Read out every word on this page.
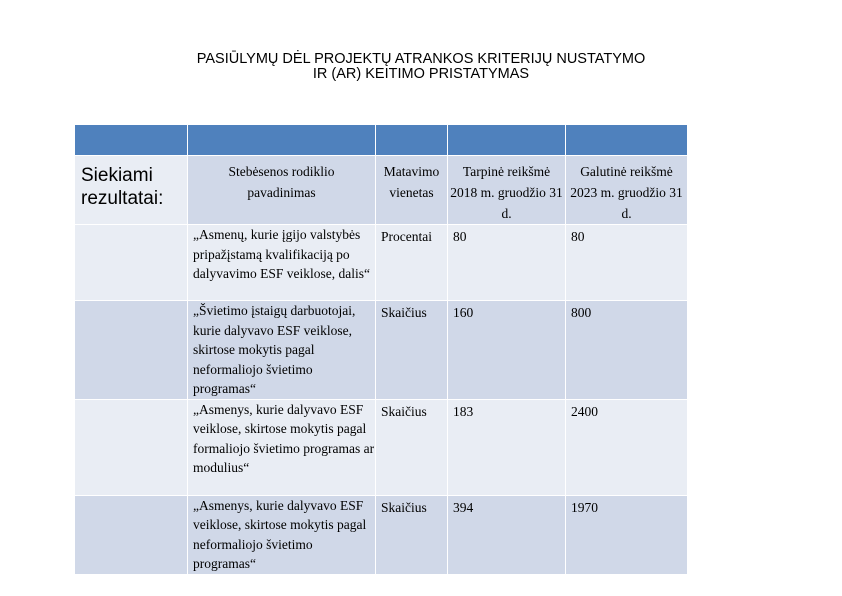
PASIŪLYMŲ DĖL PROJEKTŲ ATRANKOS KRITERIJŲ NUSTATYMO
IR (AR) KEITIMO PRISTATYMAS

Siekiami rezultatai:	Stebėsenos rodiklio pavadinimas	Matavimo vienetas	Tarpinė reikšmė 2018 m. gruodžio 31 d.	Galutinė reikšmė 2023 m. gruodžio 31 d.
	„Asmenų, kurie įgijo valstybės pripažįstamą kvalifikaciją po dalyvavimo ESF veiklose, dalis“	Procentai	80	80
	„Švietimo įstaigų darbuotojai, kurie dalyvavo ESF veiklose, skirtose mokytis pagal neformaliojo švietimo programas“	Skaičius	160	800
	„Asmenys, kurie dalyvavo ESF veiklose, skirtose mokytis pagal formaliojo švietimo programas ar modulius“	Skaičius	183	2400
	„Asmenys, kurie dalyvavo ESF veiklose, skirtose mokytis pagal neformaliojo švietimo programas“	Skaičius	394	1970
